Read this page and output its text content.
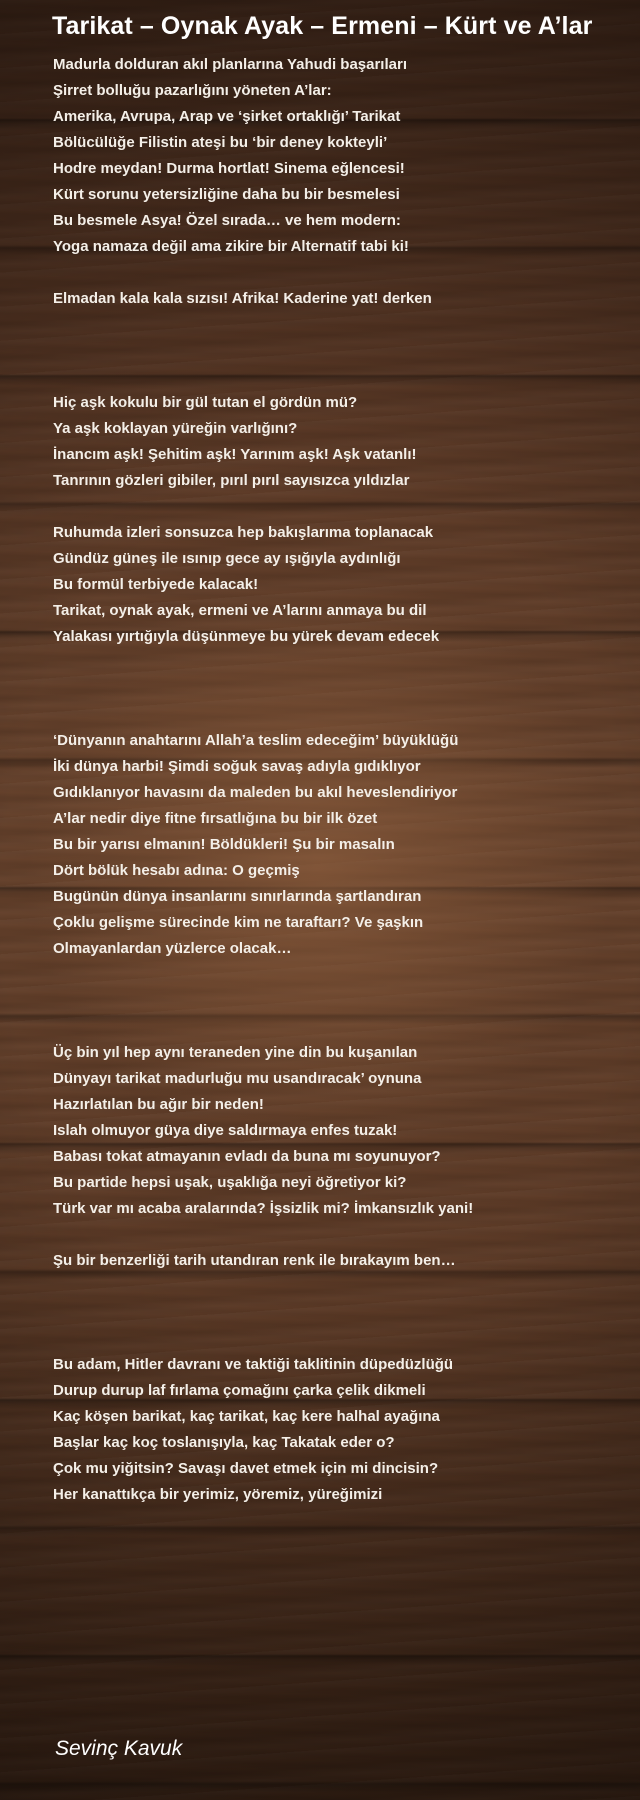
Tarikat – Oynak Ayak – Ermeni – Kürt ve A’lar
Madurla dolduran akıl planlarına Yahudi başarıları
Şirret bolluğu pazarlığını yöneten A’lar:
Amerika, Avrupa, Arap ve ‘şirket ortaklığı’ Tarikat
Bölücülüğe Filistin ateşi bu ‘bir deney kokteyli’
Hodre meydan! Durma hortlat! Sinema eğlencesi!
Kürt sorunu yetersizliğine daha bu bir besmelesi
Bu besmele Asya! Özel sırada… ve hem modern:
Yoga namaza değil ama zikire bir Alternatif tabi ki!
Elmadan kala kala sızısı! Afrika! Kaderine yat! derken
Hiç aşk kokulu bir gül tutan el gördün mü?
Ya aşk koklayan yüreğin varlığını?
İnancım aşk! Şehitim aşk! Yarınım aşk! Aşk vatanlı!
Tanrının gözleri gibiler, pırıl pırıl sayısızca yıldızlar
Ruhumda izleri sonsuzca hep bakışlarıma toplanacak
Gündüz güneş ile ısınıp gece ay ışığıyla aydınlığı
Bu formül terbiyede kalacak!
Tarikat, oynak ayak, ermeni ve A’larını anmaya bu dil
Yalakası yırtığıyla düşünmeye bu yürek devam edecek
‘Dünyanın anahtarını Allah’a teslim edeceğim’ büyüklüğü
İki dünya harbi! Şimdi soğuk savaş adıyla gıdıklıyor
Gıdıklanıyor havasını da maleden bu akıl heveslendiriyor
A’lar nedir diye fitne fırsatlığına bu bir ilk özet
Bu bir yarısı elmanın! Böldükleri! Şu bir masalın
Dört bölük hesabı adına: O geçmiş
Bugünün dünya insanlarını sınırlarında şartlandıran
Çoklu gelişme sürecinde kim ne taraftarı? Ve şaşkın
Olmayanlardan yüzlerce olacak…
Üç bin yıl hep aynı teraneden yine din bu kuşanılan
Dünyayı tarikat madurluğu mu usandıracak’ oynuna
Hazırlatılan bu ağır bir neden!
Islah olmuyor güya diye saldırmaya enfes tuzak!
Babası tokat atmayanın evladı da buna mı soyunuyor?
Bu partide hepsi uşak, uşaklığa neyi öğretiyor ki?
Türk var mı acaba aralarında? İşsizlik mi? İmkansızlık yani!
Şu bir benzerliği tarih utandıran renk ile bırakayım ben…
Bu adam, Hitler davranı ve taktiği taklitinin düpedüzlüğü
Durup durup laf fırlama çomağını çarka çelik dikmeli
Kaç köşen barikat, kaç tarikat, kaç kere halhal ayağına
Başlar kaç koç toslanışıyla, kaç Takatak eder o?
Çok mu yiğitsin? Savaşı davet etmek için mi dincisin?
Her kanattıkça bir yerimiz, yöremiz, yüreğimizi
Sevinç Kavuk
